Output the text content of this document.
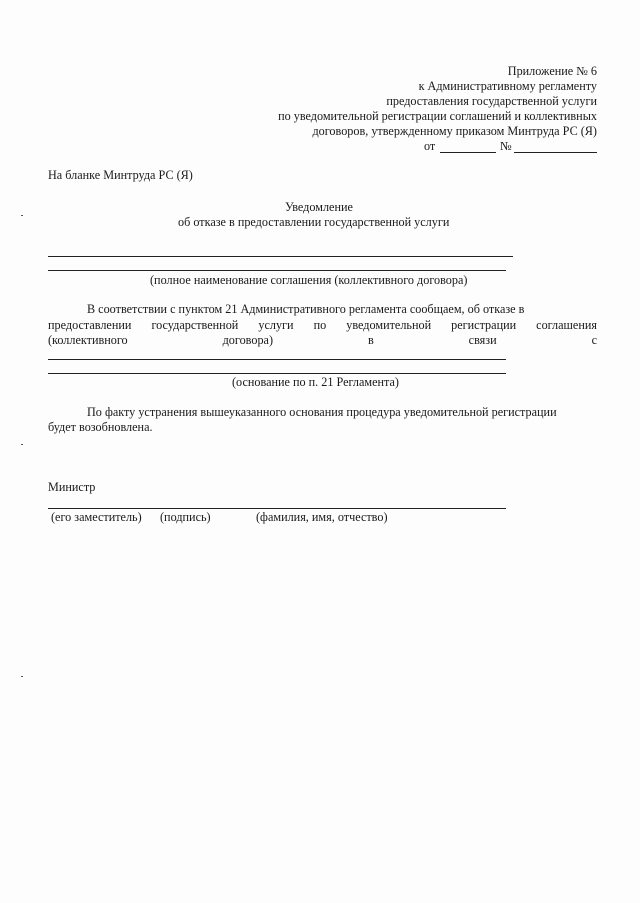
Приложение № 6
к Административному регламенту
предоставления государственной услуги
по уведомительной регистрации соглашений и коллективных
договоров, утвержденному приказом Минтруда РС (Я)
от	№
На бланке Минтруда РС (Я)
Уведомление
об отказе в предоставлении государственной услуги
(полное наименование соглашения (коллективного договора)
В соответствии с пунктом 21 Административного регламента сообщаем, об отказе в
предоставлении государственной услуги по уведомительной регистрации соглашения
(коллективного договора) в связи с
(основание по п. 21 Регламента)
По факту устранения вышеуказанного основания процедура уведомительной регистрации
будет возобновлена.
Министр
(его заместитель) (подпись)	(фамилия, имя, отчество)
